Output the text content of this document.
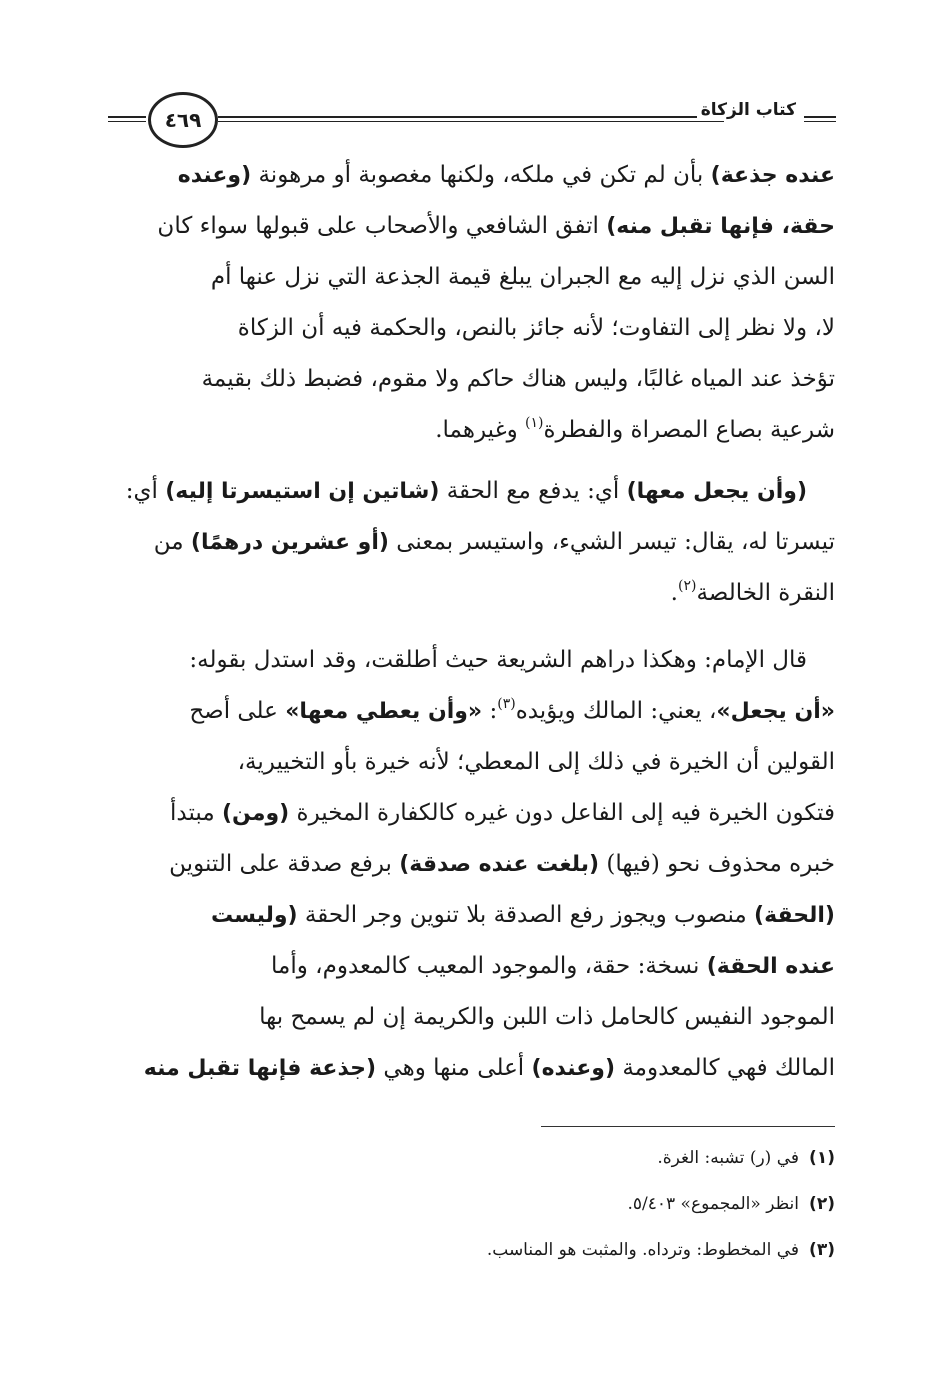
كتاب الزكاة
٤٦٩

عنده جذعة) بأن لم تكن في ملكه، ولكنها مغصوبة أو مرهونة (وعنده

حقة، فإنها تقبل منه) اتفق الشافعي والأصحاب على قبولها سواء كان

السن الذي نزل إليه مع الجبران يبلغ قيمة الجذعة التي نزل عنها أم

لا، ولا نظر إلى التفاوت؛ لأنه جائز بالنص، والحكمة فيه أن الزكاة

تؤخذ عند المياه غالبًا، وليس هناك حاكم ولا مقوم، فضبط ذلك بقيمة

شرعية بصاع المصراة والفطرة$^{(١)}$ وغيرهما.

(وأن يجعل معها) أي: يدفع مع الحقة (شاتين إن استيسرتا إليه) أي:

تيسرتا له، يقال: تيسر الشيء، واستيسر بمعنى (أو عشرين درهمًا) من

النقرة الخالصة$^{(٢)}$.

قال الإمام: وهكذا دراهم الشريعة حيث أطلقت، وقد استدل بقوله:

«أن يجعل»، يعني: المالك ويؤيده$^{(٣)}$: «وأن يعطي معها» على أصح

القولين أن الخيرة في ذلك إلى المعطي؛ لأنه خيرة بأو التخييرية،

فتكون الخيرة فيه إلى الفاعل دون غيره كالكفارة المخيرة (ومن) مبتدأ

خبره محذوف نحو (فيها) (بلغت عنده صدقة) برفع صدقة على التنوين

(الحقة) منصوب ويجوز رفع الصدقة بلا تنوين وجر الحقة (وليست

عنده الحقة) نسخة: حقة، والموجود المعيب كالمعدوم، وأما

الموجود النفيس كالحامل ذات اللبن والكريمة إن لم يسمح بها

المالك فهي كالمعدومة (وعنده) أعلى منها وهي (جذعة فإنها تقبل منه

(١)
في (ر) تشبه: الغرة.
(٢)
انظر «المجموع» ٥/٤٠٣.
(٣)
في المخطوط: وترداه. والمثبت هو المناسب.
